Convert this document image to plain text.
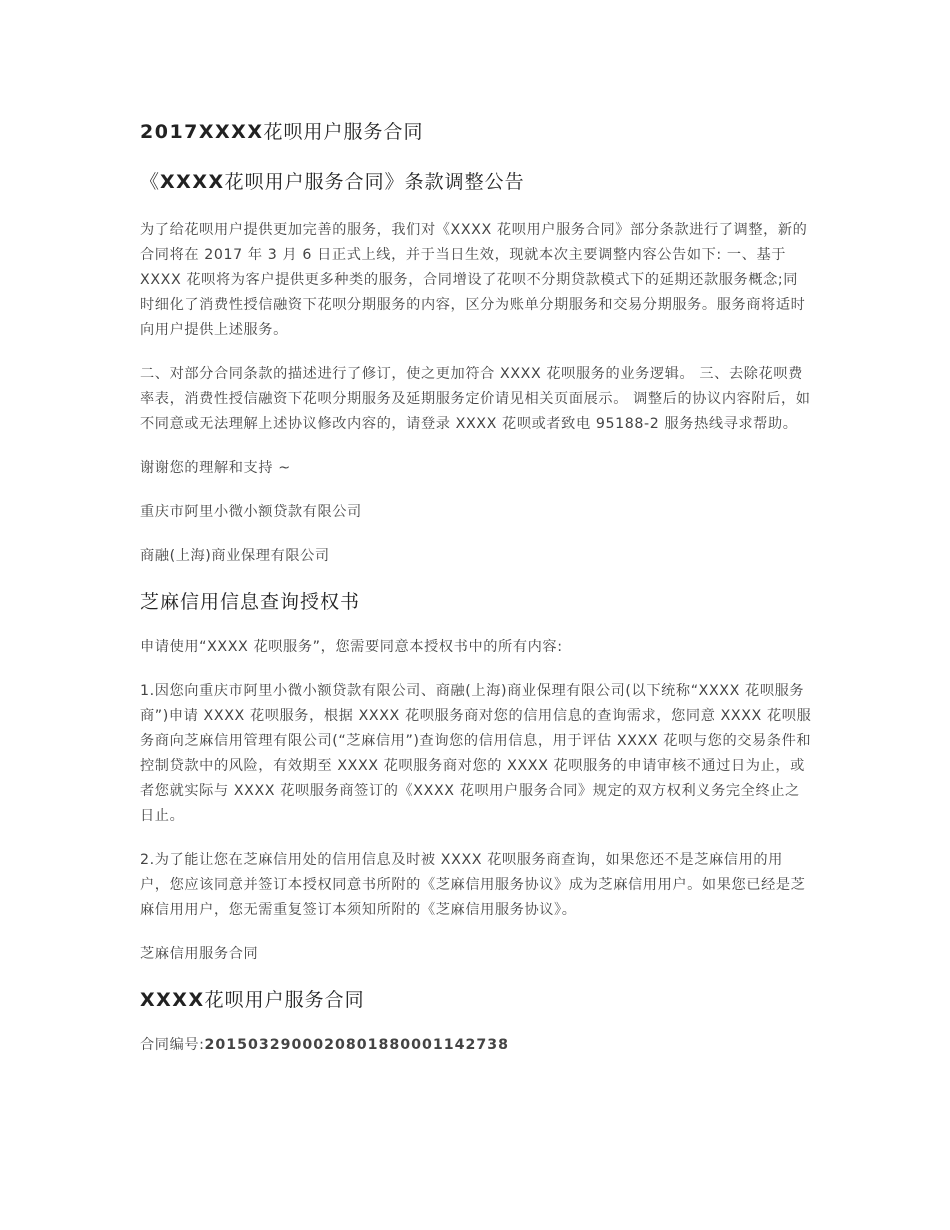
2017XXXX花呗用户服务合同
《XXXX花呗用户服务合同》条款调整公告

为了给花呗用户提供更加完善的服务，我们对《XXXX 花呗用户服务合同》部分条款进行了调整，新的合同将在 2017 年 3 月 6 日正式上线，并于当日生效，现就本次主要调整内容公告如下: 一、基于 XXXX 花呗将为客户提供更多种类的服务，合同增设了花呗不分期贷款模式下的延期还款服务概念;同时细化了消费性授信融资下花呗分期服务的内容，区分为账单分期服务和交易分期服务。服务商将适时向用户提供上述服务。

二、对部分合同条款的描述进行了修订，使之更加符合 XXXX 花呗服务的业务逻辑。 三、去除花呗费率表，消费性授信融资下花呗分期服务及延期服务定价请见相关页面展示。 调整后的协议内容附后，如不同意或无法理解上述协议修改内容的，请登录 XXXX 花呗或者致电 95188-2 服务热线寻求帮助。

谢谢您的理解和支持 ~

重庆市阿里小微小额贷款有限公司

商融(上海)商业保理有限公司

芝麻信用信息查询授权书

申请使用“XXXX 花呗服务”，您需要同意本授权书中的所有内容:

1.因您向重庆市阿里小微小额贷款有限公司、商融(上海)商业保理有限公司(以下统称“XXXX 花呗服务商”)申请 XXXX 花呗服务，根据 XXXX 花呗服务商对您的信用信息的查询需求，您同意 XXXX 花呗服务商向芝麻信用管理有限公司(“芝麻信用”)查询您的信用信息，用于评估 XXXX 花呗与您的交易条件和控制贷款中的风险，有效期至 XXXX 花呗服务商对您的 XXXX 花呗服务的申请审核不通过日为止，或者您就实际与 XXXX 花呗服务商签订的《XXXX 花呗用户服务合同》规定的双方权利义务完全终止之日止。

2.为了能让您在芝麻信用处的信用信息及时被 XXXX 花呗服务商查询，如果您还不是芝麻信用的用户，您应该同意并签订本授权同意书所附的《芝麻信用服务协议》成为芝麻信用用户。如果您已经是芝麻信用用户，您无需重复签订本须知所附的《芝麻信用服务协议》。

芝麻信用服务合同

XXXX花呗用户服务合同

合同编号:2015032900020801880001142738
